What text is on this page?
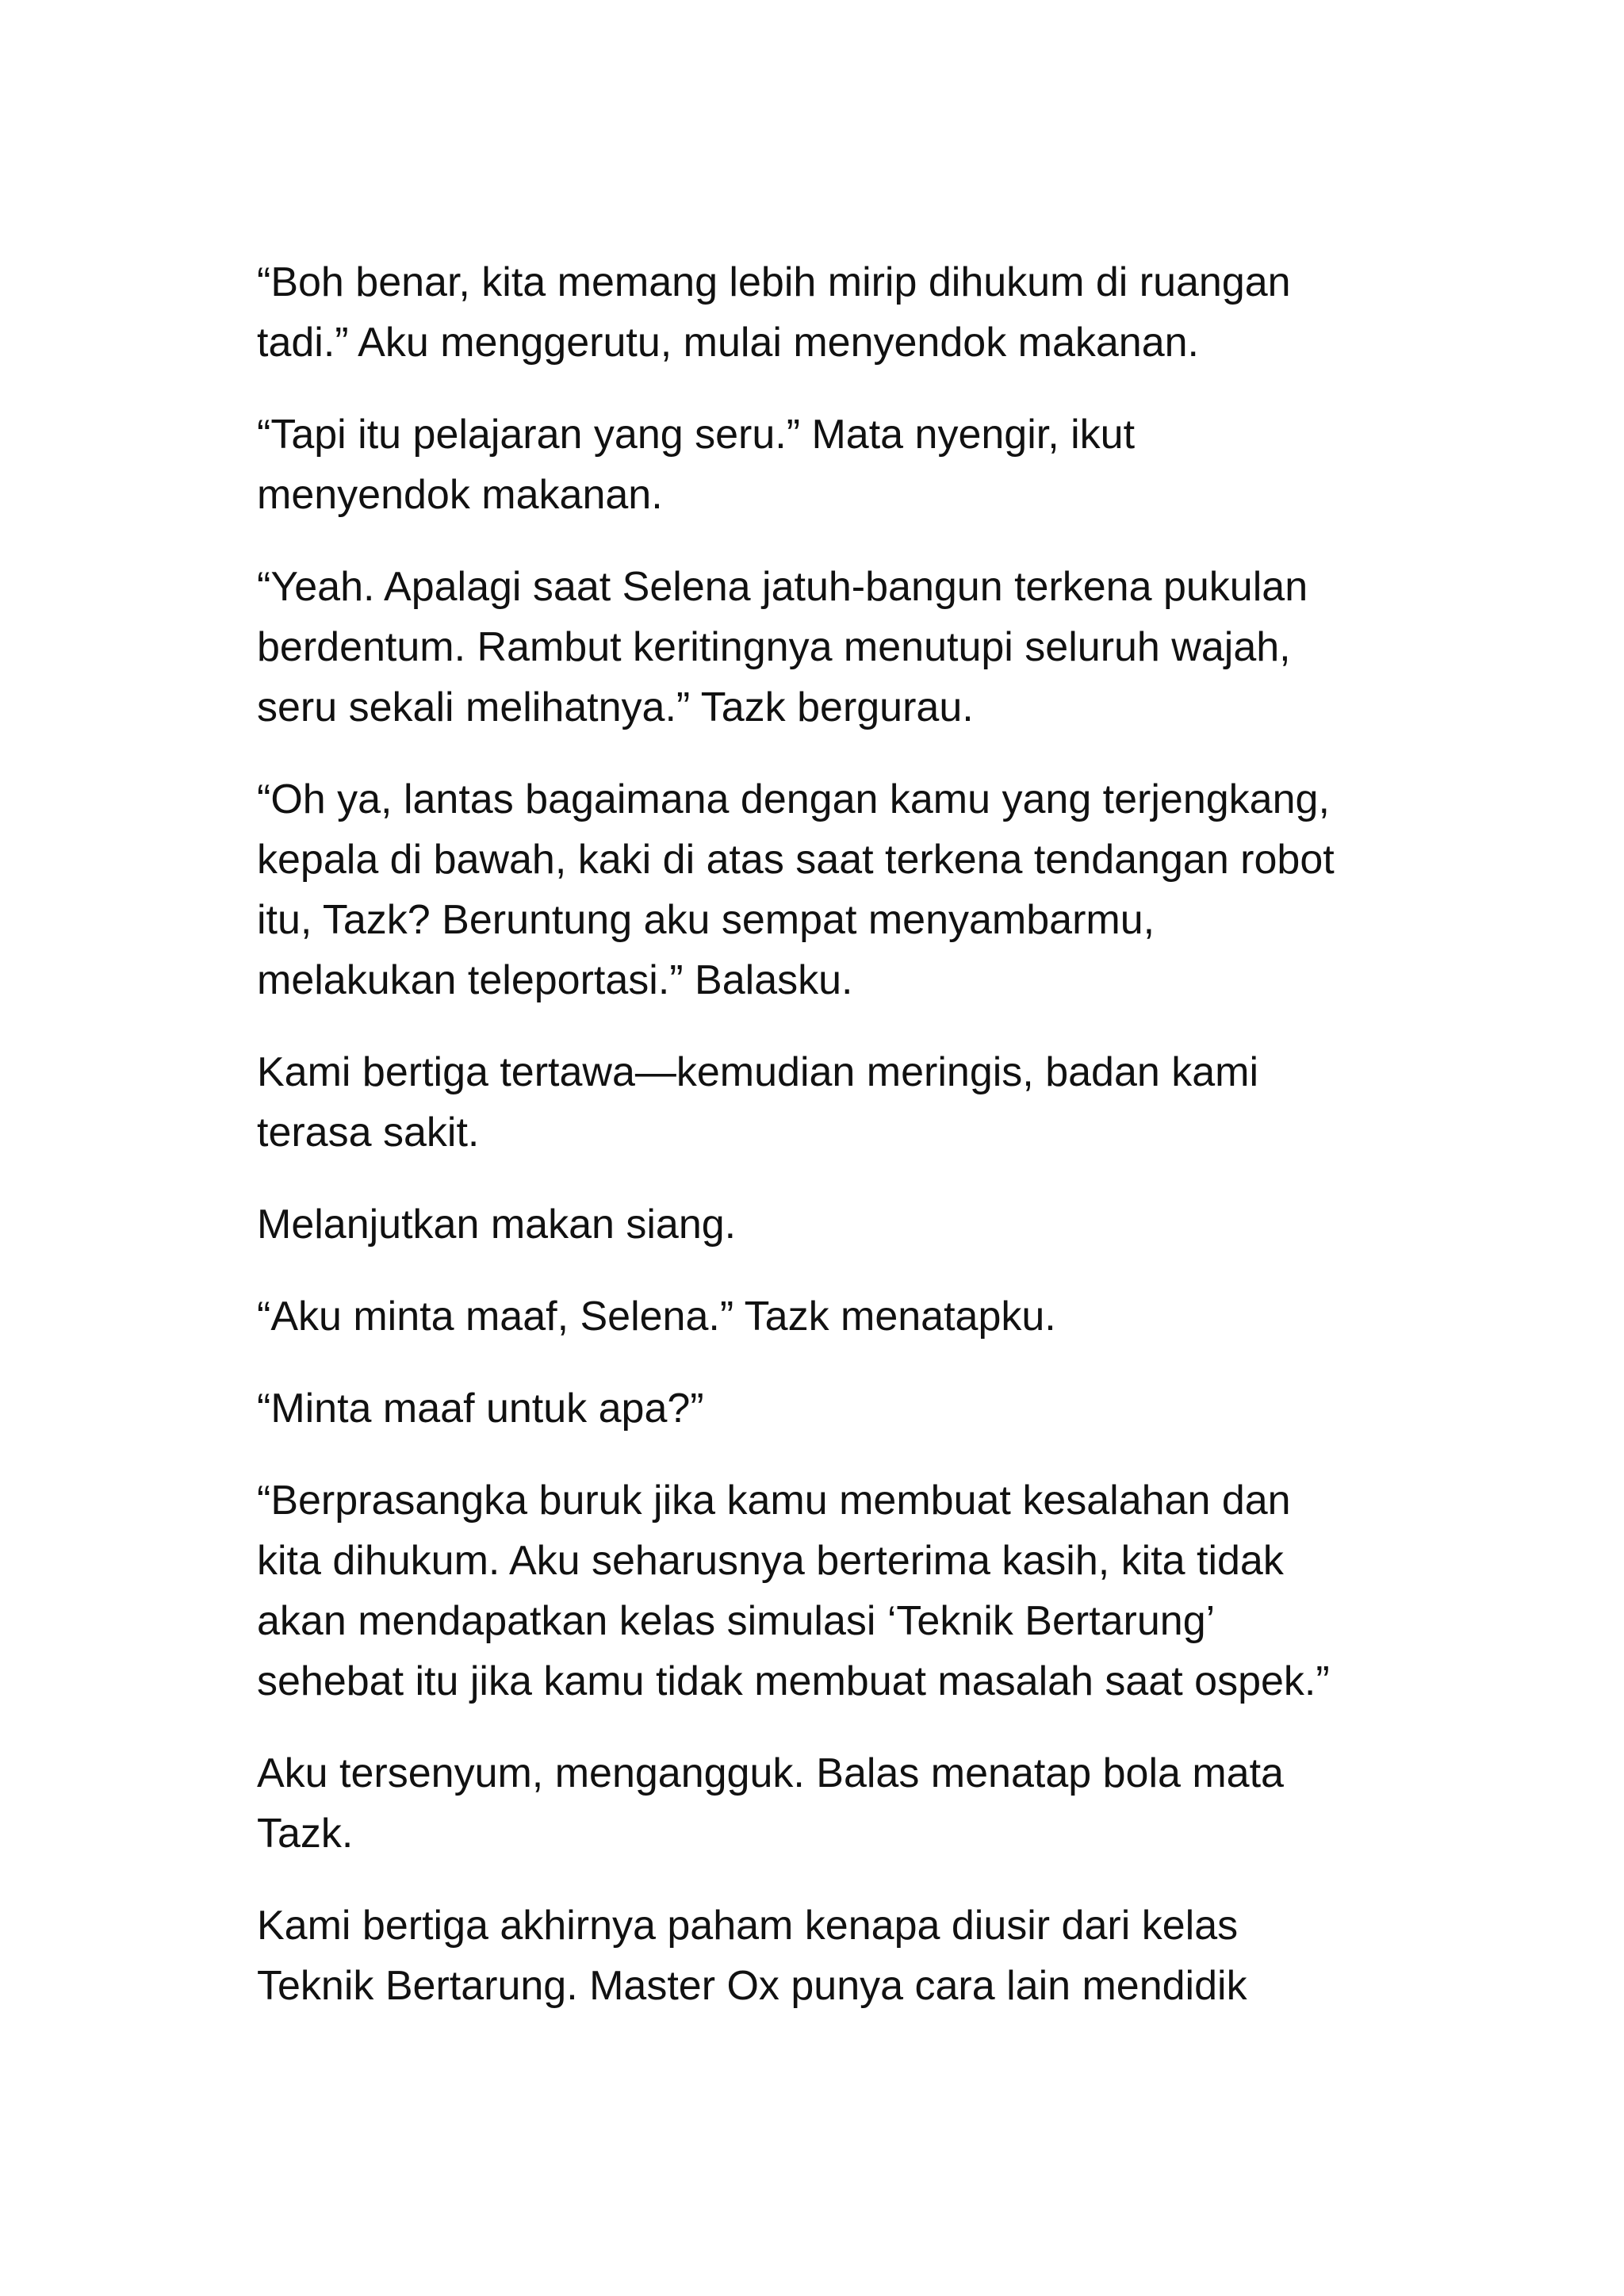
“Boh benar, kita memang lebih mirip dihukum di ruangan
tadi.” Aku menggerutu, mulai menyendok makanan.

“Tapi itu pelajaran yang seru.” Mata nyengir, ikut
menyendok makanan.

“Yeah. Apalagi saat Selena jatuh-bangun terkena pukulan
berdentum. Rambut keritingnya menutupi seluruh wajah,
seru sekali melihatnya.” Tazk bergurau.

“Oh ya, lantas bagaimana dengan kamu yang terjengkang,
kepala di bawah, kaki di atas saat terkena tendangan robot
itu, Tazk? Beruntung aku sempat menyambarmu,
melakukan teleportasi.” Balasku.

Kami bertiga tertawa—kemudian meringis, badan kami
terasa sakit.

Melanjutkan makan siang.

“Aku minta maaf, Selena.” Tazk menatapku.

“Minta maaf untuk apa?”

“Berprasangka buruk jika kamu membuat kesalahan dan
kita dihukum. Aku seharusnya berterima kasih, kita tidak
akan mendapatkan kelas simulasi ‘Teknik Bertarung’
sehebat itu jika kamu tidak membuat masalah saat ospek.”

Aku tersenyum, mengangguk. Balas menatap bola mata
Tazk.

Kami bertiga akhirnya paham kenapa diusir dari kelas
Teknik Bertarung. Master Ox punya cara lain mendidik
